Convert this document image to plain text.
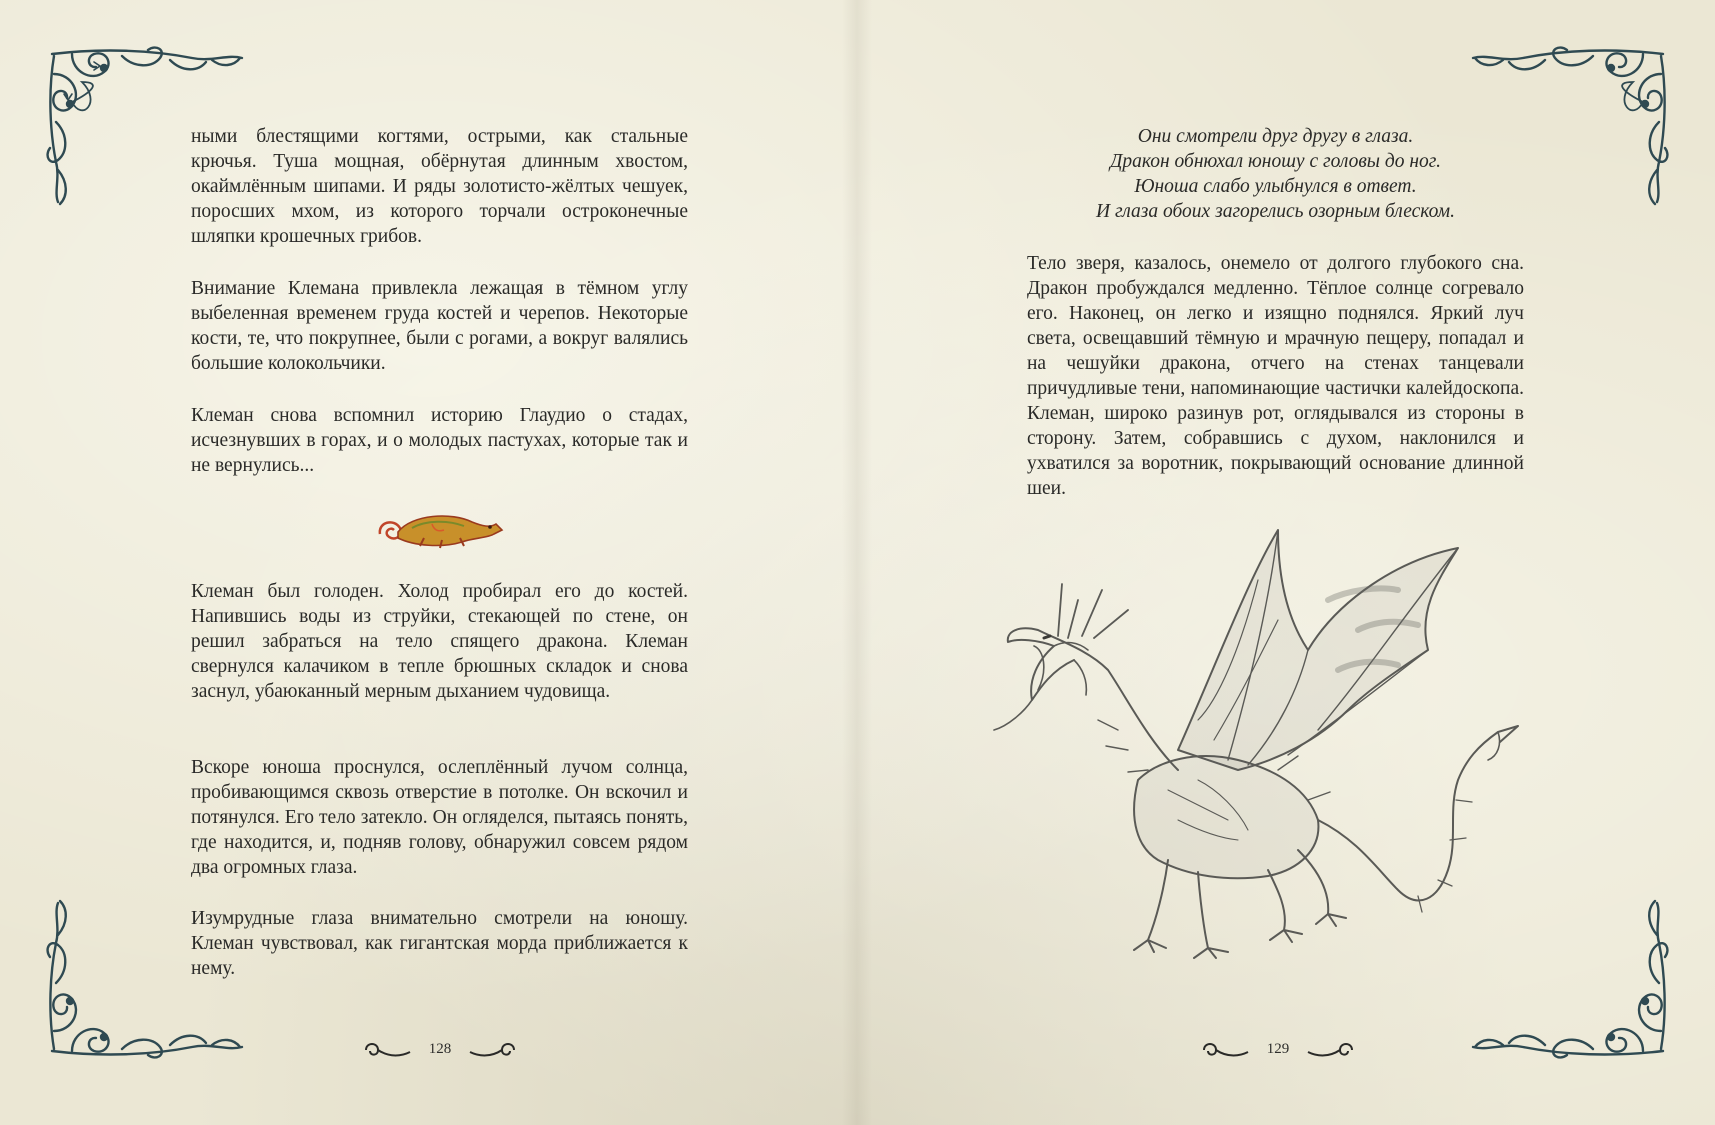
ными блестящими когтями, острыми, как стальные крючья. Туша мощная, обёрнутая длинным хвостом, окаймлённым шипами. И ряды золотисто-жёлтых чешуек, поросших мхом, из которого торчали остроконечные шляпки крошечных грибов.

Внимание Клемана привлекла лежащая в тёмном углу выбеленная временем груда костей и черепов. Некоторые кости, те, что покрупнее, были с рогами, а вокруг валялись большие колокольчики.

Клеман снова вспомнил историю Глаудио о стадах, исчезнувших в горах, и о молодых пастухах, которые так и не вернулись...

Клеман был голоден. Холод пробирал его до костей. Напившись воды из струйки, стекающей по стене, он решил забраться на тело спящего дракона. Клеман свернулся калачиком в тепле брюшных складок и снова заснул, убаюканный мерным дыханием чудовища.

Вскоре юноша проснулся, ослеплённый лучом солнца, пробивающимся сквозь отверстие в потолке. Он вскочил и потянулся. Его тело затекло. Он огляделся, пытаясь понять, где находится, и, подняв голову, обнаружил совсем рядом два огромных глаза.

Изумрудные глаза внимательно смотрели на юношу. Клеман чувствовал, как гигантская морда приближается к нему.

128
Они смотрели друг другу в глаза.
Дракон обнюхал юношу с головы до ног.
Юноша слабо улыбнулся в ответ.
И глаза обоих загорелись озорным блеском.

Тело зверя, казалось, онемело от долгого глубокого сна. Дракон пробуждался медленно. Тёплое солнце согревало его. Наконец, он легко и изящно поднялся. Яркий луч света, освещавший тёмную и мрачную пещеру, попадал и на чешуйки дракона, отчего на стенах танцевали причудливые тени, напоминающие частички калейдоскопа. Клеман, широко разинув рот, оглядывался из стороны в сторону. Затем, собравшись с духом, наклонился и ухватился за воротник, покрывающий основание длинной шеи.

129
